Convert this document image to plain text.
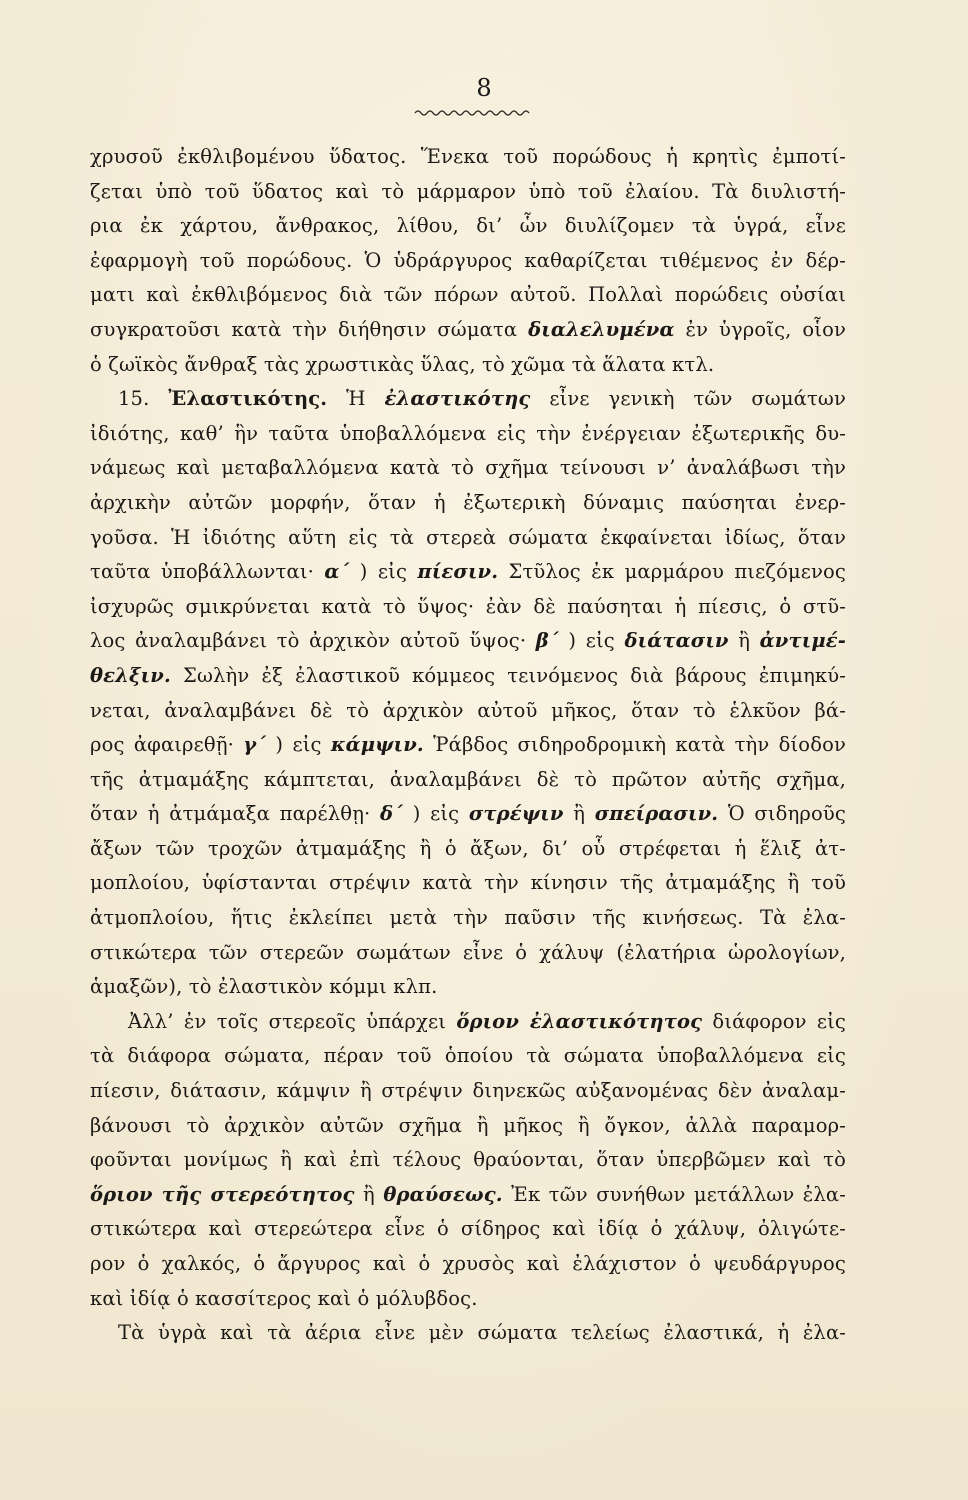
8
χρυσοῦ ἐκθλιβομένου ὕδατος. Ἕνεκα τοῦ πορώδους ἡ κρητὶς ἐμποτί-
ζεται ὑπὸ τοῦ ὕδατος καὶ τὸ μάρμαρον ὑπὸ τοῦ ἐλαίου. Τὰ διυλιστή-
ρια ἐκ χάρτου, ἄνθρακος, λίθου, δι’ ὧν διυλίζομεν τὰ ὑγρά, εἶνε
ἐφαρμογὴ τοῦ πορώδους. Ὁ ὑδράργυρος καθαρίζεται τιθέμενος ἐν δέρ-
ματι καὶ ἐκθλιβόμενος διὰ τῶν πόρων αὐτοῦ. Πολλαὶ πορώδεις οὐσίαι
συγκρατοῦσι κατὰ τὴν διήθησιν σώματα διαλελυμένα ἐν ὑγροῖς, οἷον
ὁ ζωϊκὸς ἄνθραξ τὰς χρωστικὰς ὕλας, τὸ χῶμα τὰ ἅλατα κτλ.
15. Ἐλαστικότης. Ἡ ἐλαστικότης εἶνε γενικὴ τῶν σωμάτων
ἰδιότης, καθ’ ἣν ταῦτα ὑποβαλλόμενα εἰς τὴν ἐνέργειαν ἐξωτερικῆς δυ-
νάμεως καὶ μεταβαλλόμενα κατὰ τὸ σχῆμα τείνουσι ν’ ἀναλάβωσι τὴν
ἀρχικὴν αὐτῶν μορφήν, ὅταν ἡ ἐξωτερικὴ δύναμις παύσηται ἐνερ-
γοῦσα. Ἡ ἰδιότης αὕτη εἰς τὰ στερεὰ σώματα ἐκφαίνεται ἰδίως, ὅταν
ταῦτα ὑποβάλλωνται· α΄ ) εἰς πίεσιν. Στῦλος ἐκ μαρμάρου πιεζόμενος
ἰσχυρῶς σμικρύνεται κατὰ τὸ ὕψος· ἐὰν δὲ παύσηται ἡ πίεσις, ὁ στῦ-
λος ἀναλαμβάνει τὸ ἀρχικὸν αὐτοῦ ὕψος· β΄ ) εἰς διάτασιν ἢ ἀντιμέ-
θελξιν. Σωλὴν ἐξ ἐλαστικοῦ κόμμεος τεινόμενος διὰ βάρους ἐπιμηκύ-
νεται, ἀναλαμβάνει δὲ τὸ ἀρχικὸν αὐτοῦ μῆκος, ὅταν τὸ ἑλκῦον βά-
ρος ἀφαιρεθῇ· γ΄ ) εἰς κάμψιν. Ῥάβδος σιδηροδρομικὴ κατὰ τὴν δίοδον
τῆς ἀτμαμάξης κάμπτεται, ἀναλαμβάνει δὲ τὸ πρῶτον αὐτῆς σχῆμα,
ὅταν ἡ ἀτμάμαξα παρέλθῃ· δ΄ ) εἰς στρέψιν ἢ σπείρασιν. Ὁ σιδηροῦς
ἄξων τῶν τροχῶν ἀτμαμάξης ἢ ὁ ἄξων, δι’ οὗ στρέφεται ἡ ἕλιξ ἀτ-
μοπλοίου, ὑφίστανται στρέψιν κατὰ τὴν κίνησιν τῆς ἀτμαμάξης ἢ τοῦ
ἀτμοπλοίου, ἥτις ἐκλείπει μετὰ τὴν παῦσιν τῆς κινήσεως. Τὰ ἐλα-
στικώτερα τῶν στερεῶν σωμάτων εἶνε ὁ χάλυψ (ἐλατήρια ὡρολογίων,
ἁμαξῶν), τὸ ἐλαστικὸν κόμμι κλπ.
Ἀλλ’ ἐν τοῖς στερεοῖς ὑπάρχει ὅριον ἐλαστικότητος διάφορον εἰς
τὰ διάφορα σώματα, πέραν τοῦ ὁποίου τὰ σώματα ὑποβαλλόμενα εἰς
πίεσιν, διάτασιν, κάμψιν ἢ στρέψιν διηνεκῶς αὐξανομένας δὲν ἀναλαμ-
βάνουσι τὸ ἀρχικὸν αὐτῶν σχῆμα ἢ μῆκος ἢ ὄγκον, ἀλλὰ παραμορ-
φοῦνται μονίμως ἢ καὶ ἐπὶ τέλους θραύονται, ὅταν ὑπερβῶμεν καὶ τὸ
ὅριον τῆς στερεότητος ἢ θραύσεως. Ἐκ τῶν συνήθων μετάλλων ἐλα-
στικώτερα καὶ στερεώτερα εἶνε ὁ σίδηρος καὶ ἰδίᾳ ὁ χάλυψ, ὀλιγώτε-
ρον ὁ χαλκός, ὁ ἄργυρος καὶ ὁ χρυσὸς καὶ ἐλάχιστον ὁ ψευδάργυρος
καὶ ἰδίᾳ ὁ κασσίτερος καὶ ὁ μόλυβδος.
Τὰ ὑγρὰ καὶ τὰ ἀέρια εἶνε μὲν σώματα τελείως ἐλαστικά, ἡ ἐλα-
